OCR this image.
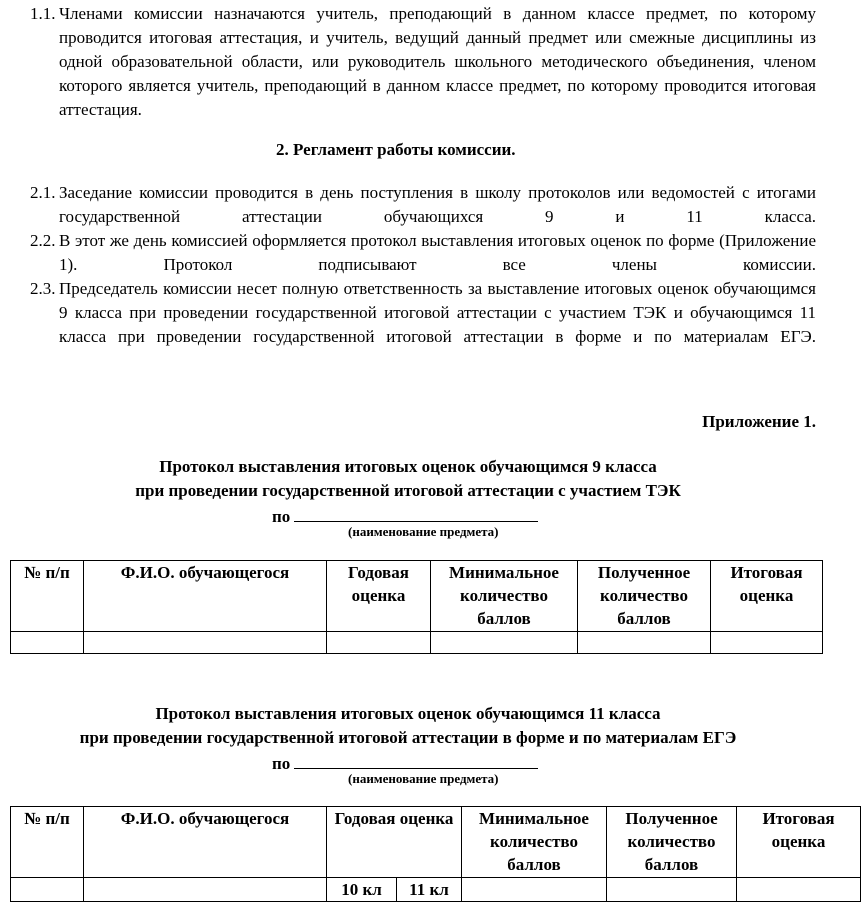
1.1. Членами комиссии назначаются учитель, преподающий в данном классе предмет, по которому проводится итоговая аттестация, и учитель, ведущий данный предмет или смежные дисциплины из одной образовательной области, или руководитель школьного методического объединения, членом которого является учитель, преподающий в данном классе предмет, по которому проводится итоговая аттестация.
2. Регламент работы комиссии.
2.1. Заседание комиссии проводится в день поступления в школу протоколов или ведомостей с итогами государственной аттестации обучающихся 9 и 11 класса.
2.2. В этот же день комиссией оформляется протокол выставления итоговых оценок по форме (Приложение 1). Протокол подписывают все члены комиссии.
2.3. Председатель комиссии несет полную ответственность за выставление итоговых оценок обучающимся 9 класса при проведении государственной итоговой аттестации с участием ТЭК и обучающимся 11 класса при проведении государственной итоговой аттестации в форме и по материалам ЕГЭ.
Приложение 1.
Протокол выставления итоговых оценок обучающимся 9 класса
при проведении государственной итоговой аттестации с участием ТЭК
по
(наименование предмета)
№ п/п	Ф.И.О. обучающегося	Годовая оценка	Минимальное количество баллов	Полученное количество баллов	Итоговая оценка

Протокол выставления итоговых оценок обучающимся 11 класса
при проведении государственной итоговой аттестации в форме и по материалам ЕГЭ
по
(наименование предмета)
№ п/п	Ф.И.О. обучающегося	Годовая оценка		Минимальное количество баллов	Полученное количество баллов	Итоговая оценка
		10 кл	11 кл			
